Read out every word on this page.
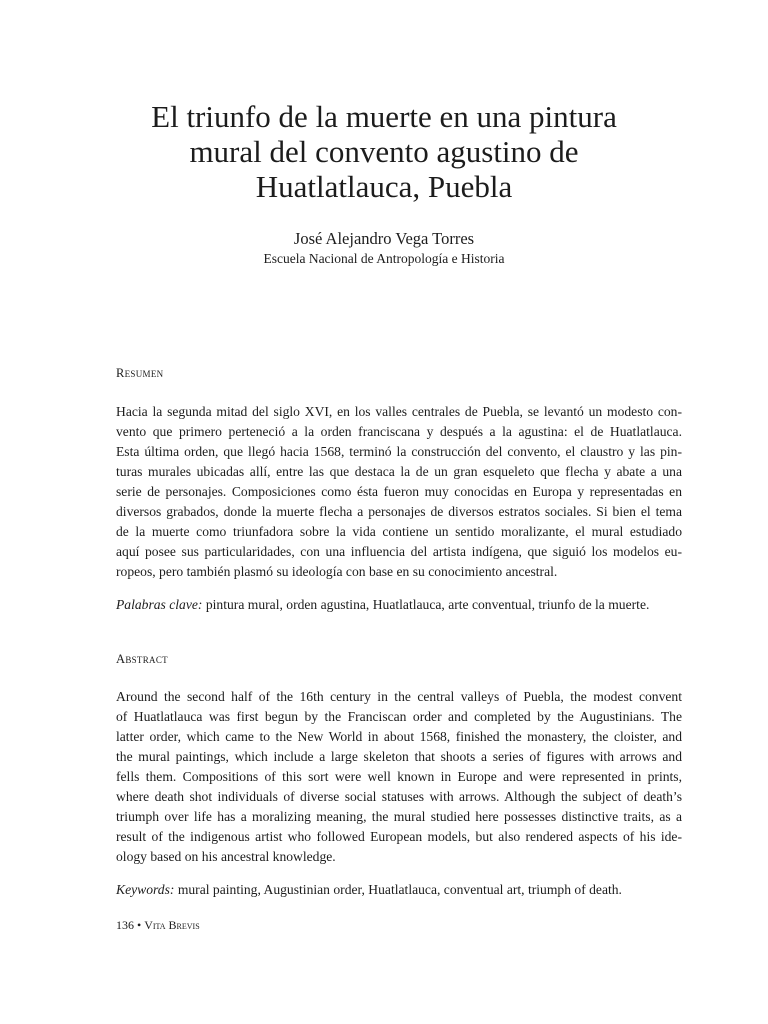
El triunfo de la muerte en una pintura
mural del convento agustino de
Huatlatlauca, Puebla
José Alejandro Vega Torres
Escuela Nacional de Antropología e Historia
Resumen
Hacia la segunda mitad del siglo XVI, en los valles centrales de Puebla, se levantó un modesto con-
vento que primero perteneció a la orden franciscana y después a la agustina: el de Huatlatlauca.
Esta última orden, que llegó hacia 1568, terminó la construcción del convento, el claustro y las pin-
turas murales ubicadas allí, entre las que destaca la de un gran esqueleto que flecha y abate a una
serie de personajes. Composiciones como ésta fueron muy conocidas en Europa y representadas en
diversos grabados, donde la muerte flecha a personajes de diversos estratos sociales. Si bien el tema
de la muerte como triunfadora sobre la vida contiene un sentido moralizante, el mural estudiado
aquí posee sus particularidades, con una influencia del artista indígena, que siguió los modelos eu-
ropeos, pero también plasmó su ideología con base en su conocimiento ancestral.
Palabras clave: pintura mural, orden agustina, Huatlatlauca, arte conventual, triunfo de la muerte.
Abstract
Around the second half of the 16th century in the central valleys of Puebla, the modest convent
of Huatlatlauca was first begun by the Franciscan order and completed by the Augustinians. The
latter order, which came to the New World in about 1568, finished the monastery, the cloister, and
the mural paintings, which include a large skeleton that shoots a series of figures with arrows and
fells them. Compositions of this sort were well known in Europe and were represented in prints,
where death shot individuals of diverse social statuses with arrows. Although the subject of death’s
triumph over life has a moralizing meaning, the mural studied here possesses distinctive traits, as a
result of the indigenous artist who followed European models, but also rendered aspects of his ide-
ology based on his ancestral knowledge.
Keywords: mural painting, Augustinian order, Huatlatlauca, conventual art, triumph of death.
136 • Vita Brevis
